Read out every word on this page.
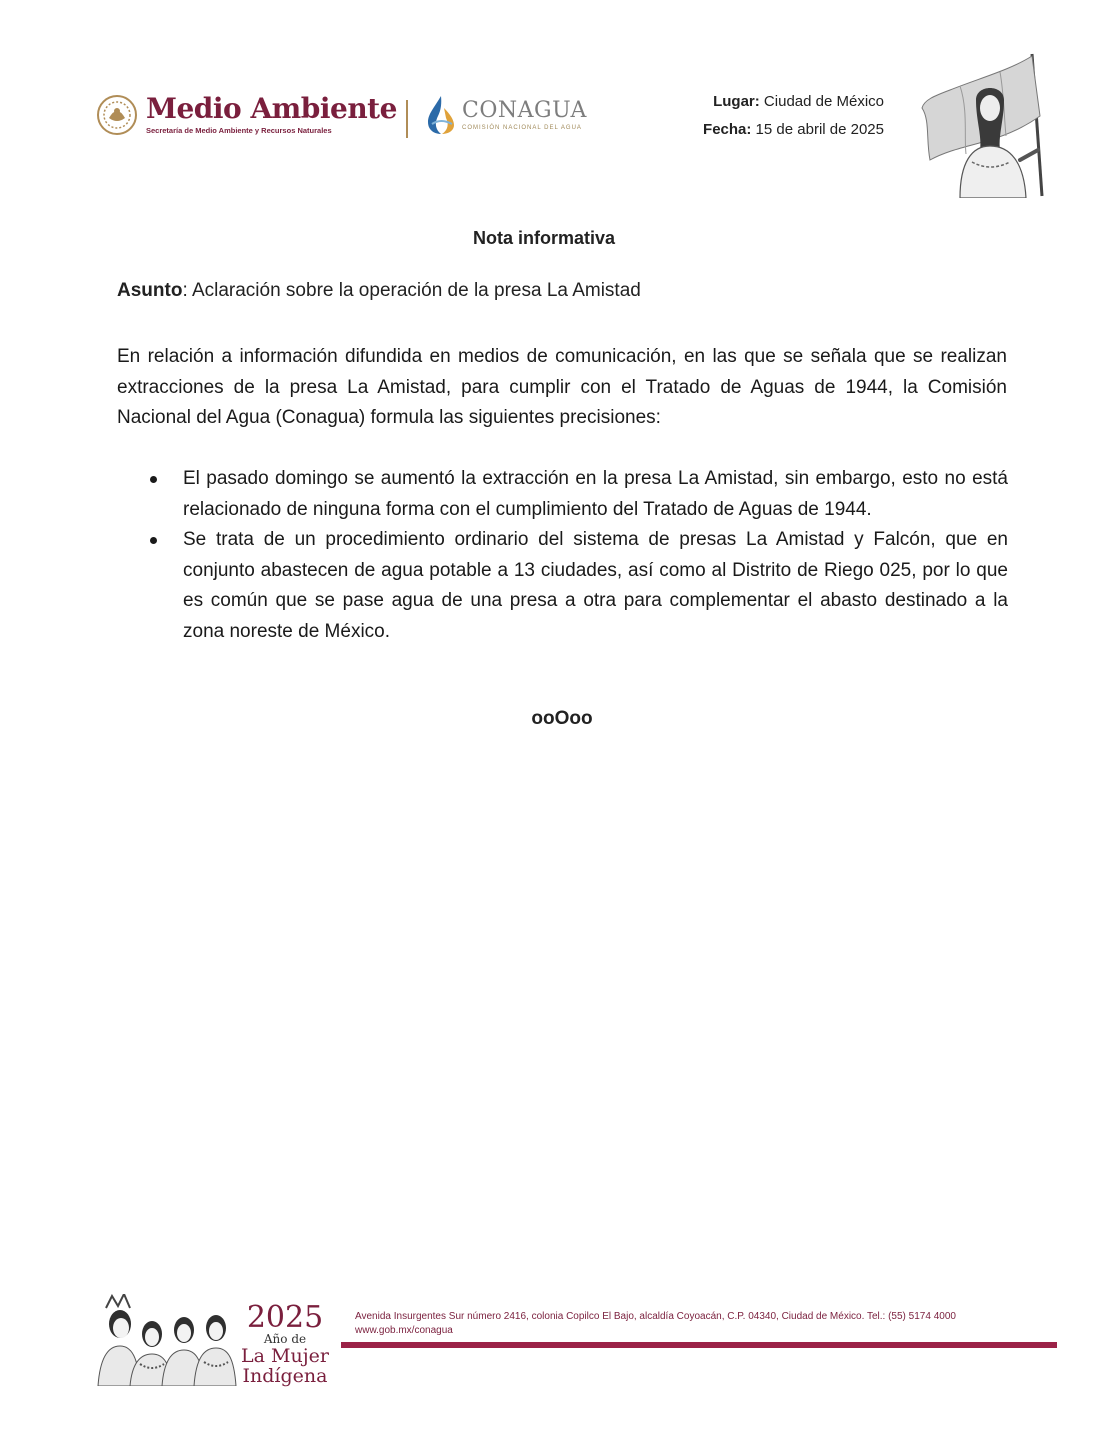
Medio Ambiente
Secretaría de Medio Ambiente y Recursos Naturales
CONAGUA
COMISIÓN NACIONAL DEL AGUA
Lugar: Ciudad de México
Fecha: 15 de abril de 2025
Nota informativa
Asunto: Aclaración sobre la operación de la presa La Amistad

En relación a información difundida en medios de comunicación, en las que se señala que se realizan extracciones de la presa La Amistad, para cumplir con el Tratado de Aguas de 1944, la Comisión Nacional del Agua (Conagua) formula las siguientes precisiones:

El pasado domingo se aumentó la extracción en la presa La Amistad, sin embargo, esto no está relacionado de ninguna forma con el cumplimiento del Tratado de Aguas de 1944.
Se trata de un procedimiento ordinario del sistema de presas La Amistad y Falcón, que en conjunto abastecen de agua potable a 13 ciudades, así como al Distrito de Riego 025, por lo que es común que se pase agua de una presa a otra para complementar el abasto destinado a la zona noreste de México.
ooOoo
2025
Año de
La Mujer
Indígena
Avenida Insurgentes Sur número 2416, colonia Copilco El Bajo, alcaldía Coyoacán, C.P. 04340, Ciudad de México. Tel.: (55) 5174 4000
www.gob.mx/conagua
